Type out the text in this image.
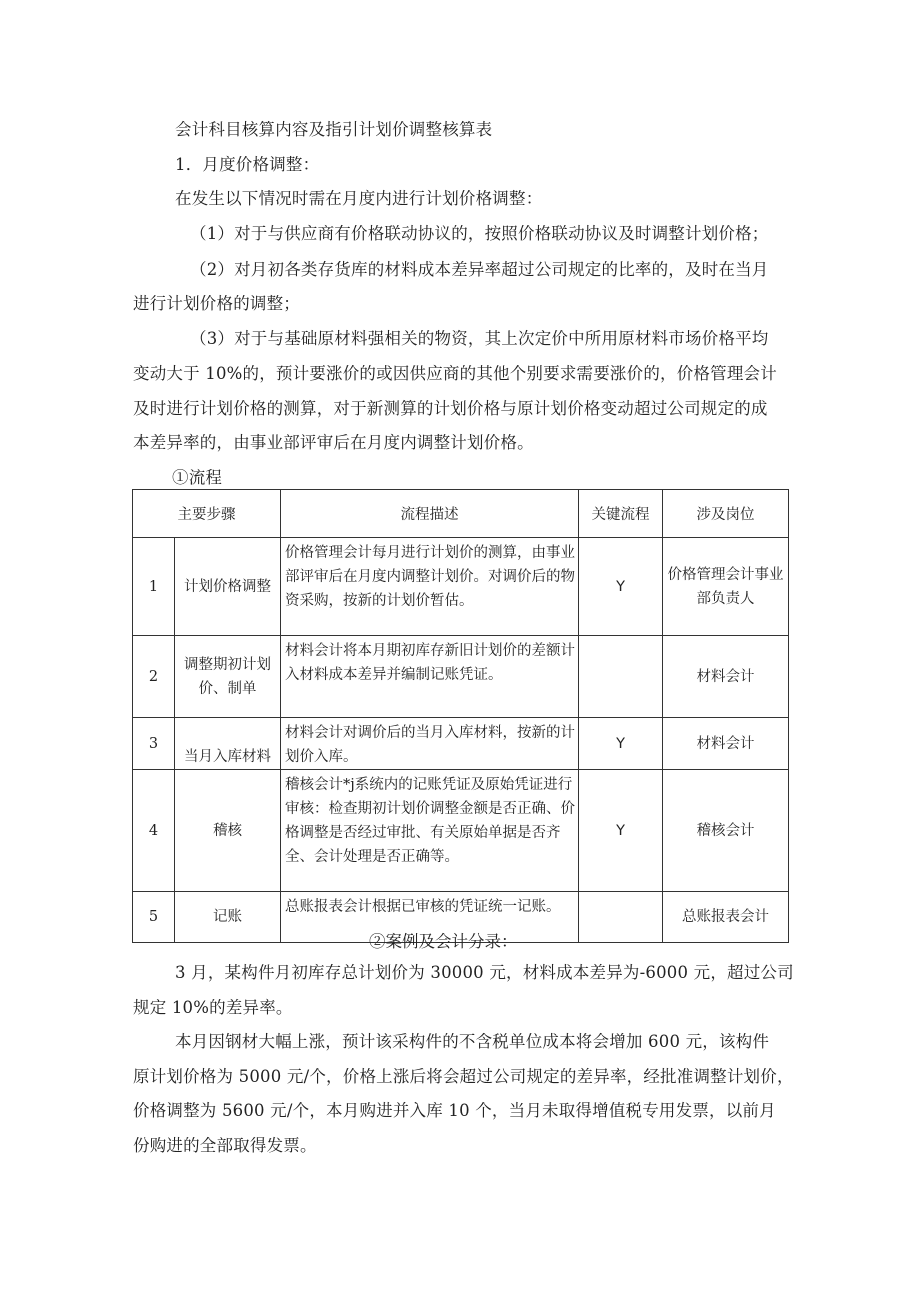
会计科目核算内容及指引计划价调整核算表
1．月度价格调整：
在发生以下情况时需在月度内进行计划价格调整：
（1）对于与供应商有价格联动协议的，按照价格联动协议及时调整计划价格；
（2）对月初各类存货库的材料成本差异率超过公司规定的比率的，及时在当月
进行计划价格的调整；
（3）对于与基础原材料强相关的物资，其上次定价中所用原材料市场价格平均
变动大于 10%的，预计要涨价的或因供应商的其他个别要求需要涨价的，价格管理会计
及时进行计划价格的测算，对于新测算的计划价格与原计划价格变动超过公司规定的成
本差异率的，由事业部评审后在月度内调整计划价格。
①流程
主要步骤		流程描述	关键流程	涉及岗位
1	计划价格调整	价格管理会计每月进行计划价的测算，由事业部评审后在月度内调整计划价。对调价后的物资采购，按新的计划价暂估。	Y	价格管理会计事业部负责人
2	调整期初计划价、制单	材料会计将本月期初库存新旧计划价的差额计入材料成本差异并编制记账凭证。		材料会计
3	当月入库材料	材料会计对调价后的当月入库材料，按新的计划价入库。	Y	材料会计
4	稽核	稽核会计*j系统内的记账凭证及原始凭证进行审核：检查期初计划价调整金额是否正确、价格调整是否经过审批、有关原始单据是否齐全、会计处理是否正确等。	Y	稽核会计
5	记账	总账报表会计根据已审核的凭证统一记账。		总账报表会计
②案例及会计分录：
3 月，某构件月初库存总计划价为 30000 元，材料成本差异为-6000 元，超过公司
规定 10%的差异率。
本月因钢材大幅上涨，预计该采构件的不含税单位成本将会增加 600 元，该构件
原计划价格为 5000 元/个，价格上涨后将会超过公司规定的差异率，经批准调整计划价，
价格调整为 5600 元/个，本月购进并入库 10 个，当月未取得增值税专用发票，以前月
份购进的全部取得发票。
